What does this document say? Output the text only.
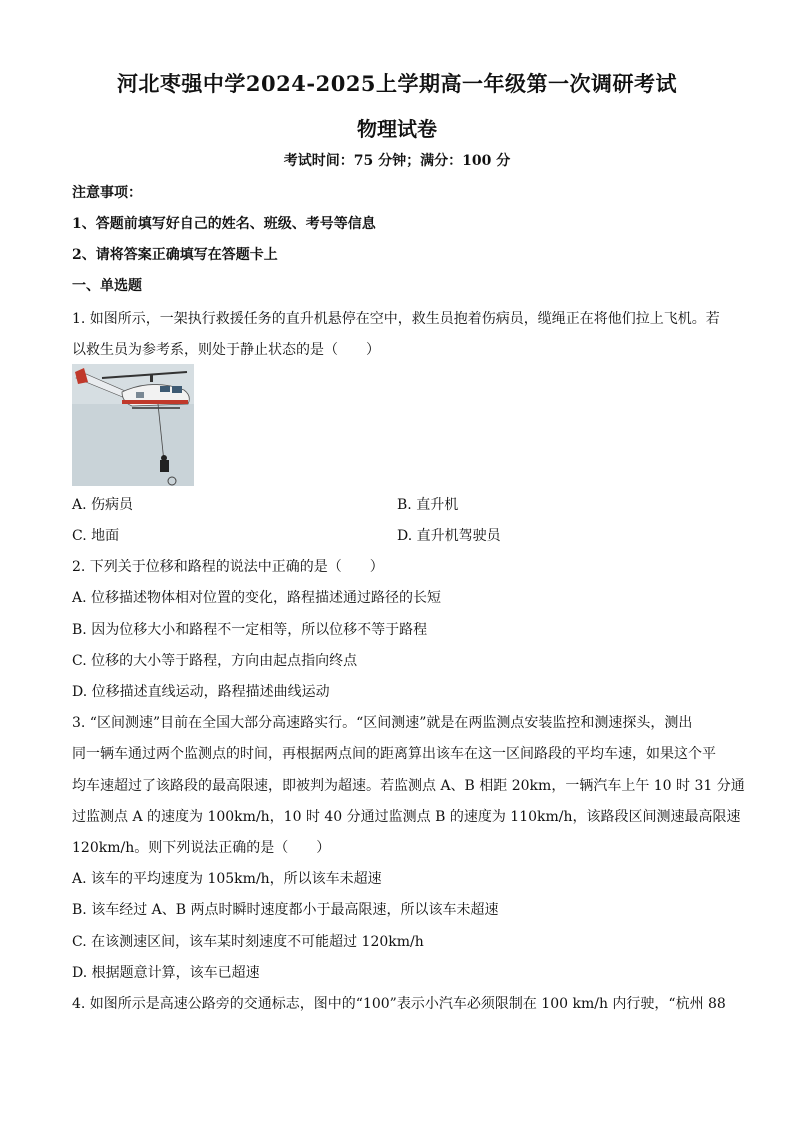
河北枣强中学2024-2025上学期高一年级第一次调研考试
物理试卷
考试时间：75 分钟；满分：100 分
注意事项：
1、答题前填写好自己的姓名、班级、考号等信息
2、请将答案正确填写在答题卡上
一、单选题
1. 如图所示，一架执行救援任务的直升机悬停在空中，救生员抱着伤病员，缆绳正在将他们拉上飞机。若
以救生员为参考系，则处于静止状态的是（　　）
A. 伤病员	B. 直升机
C. 地面	D. 直升机驾驶员
2. 下列关于位移和路程的说法中正确的是（　　）
A. 位移描述物体相对位置的变化，路程描述通过路径的长短
B. 因为位移大小和路程不一定相等，所以位移不等于路程
C. 位移的大小等于路程，方向由起点指向终点
D. 位移描述直线运动，路程描述曲线运动
3. “区间测速”目前在全国大部分高速路实行。“区间测速”就是在两监测点安装监控和测速探头，测出
同一辆车通过两个监测点的时间，再根据两点间的距离算出该车在这一区间路段的平均车速，如果这个平
均车速超过了该路段的最高限速，即被判为超速。若监测点 A、B 相距 20km，一辆汽车上午 10 时 31 分通
过监测点 A 的速度为 100km/h，10 时 40 分通过监测点 B 的速度为 110km/h，该路段区间测速最高限速
120km/h。则下列说法正确的是（　　）
A. 该车的平均速度为 105km/h，所以该车未超速
B. 该车经过 A、B 两点时瞬时速度都小于最高限速，所以该车未超速
C. 在该测速区间，该车某时刻速度不可能超过 120km/h
D. 根据题意计算，该车已超速
4. 如图所示是高速公路旁的交通标志，图中的“100”表示小汽车必须限制在 100 km/h 内行驶，“杭州 88
